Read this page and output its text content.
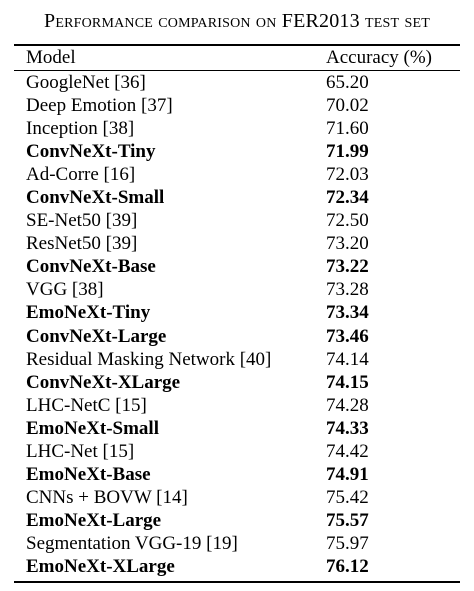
Performance comparison on FER2013 test set
Model	Accuracy (%)
GoogleNet [36]	65.20
Deep Emotion [37]	70.02
Inception [38]	71.60
ConvNeXt-Tiny	71.99
Ad-Corre [16]	72.03
ConvNeXt-Small	72.34
SE-Net50 [39]	72.50
ResNet50 [39]	73.20
ConvNeXt-Base	73.22
VGG [38]	73.28
EmoNeXt-Tiny	73.34
ConvNeXt-Large	73.46
Residual Masking Network [40]	74.14
ConvNeXt-XLarge	74.15
LHC-NetC [15]	74.28
EmoNeXt-Small	74.33
LHC-Net [15]	74.42
EmoNeXt-Base	74.91
CNNs + BOVW [14]	75.42
EmoNeXt-Large	75.57
Segmentation VGG-19 [19]	75.97
EmoNeXt-XLarge	76.12
